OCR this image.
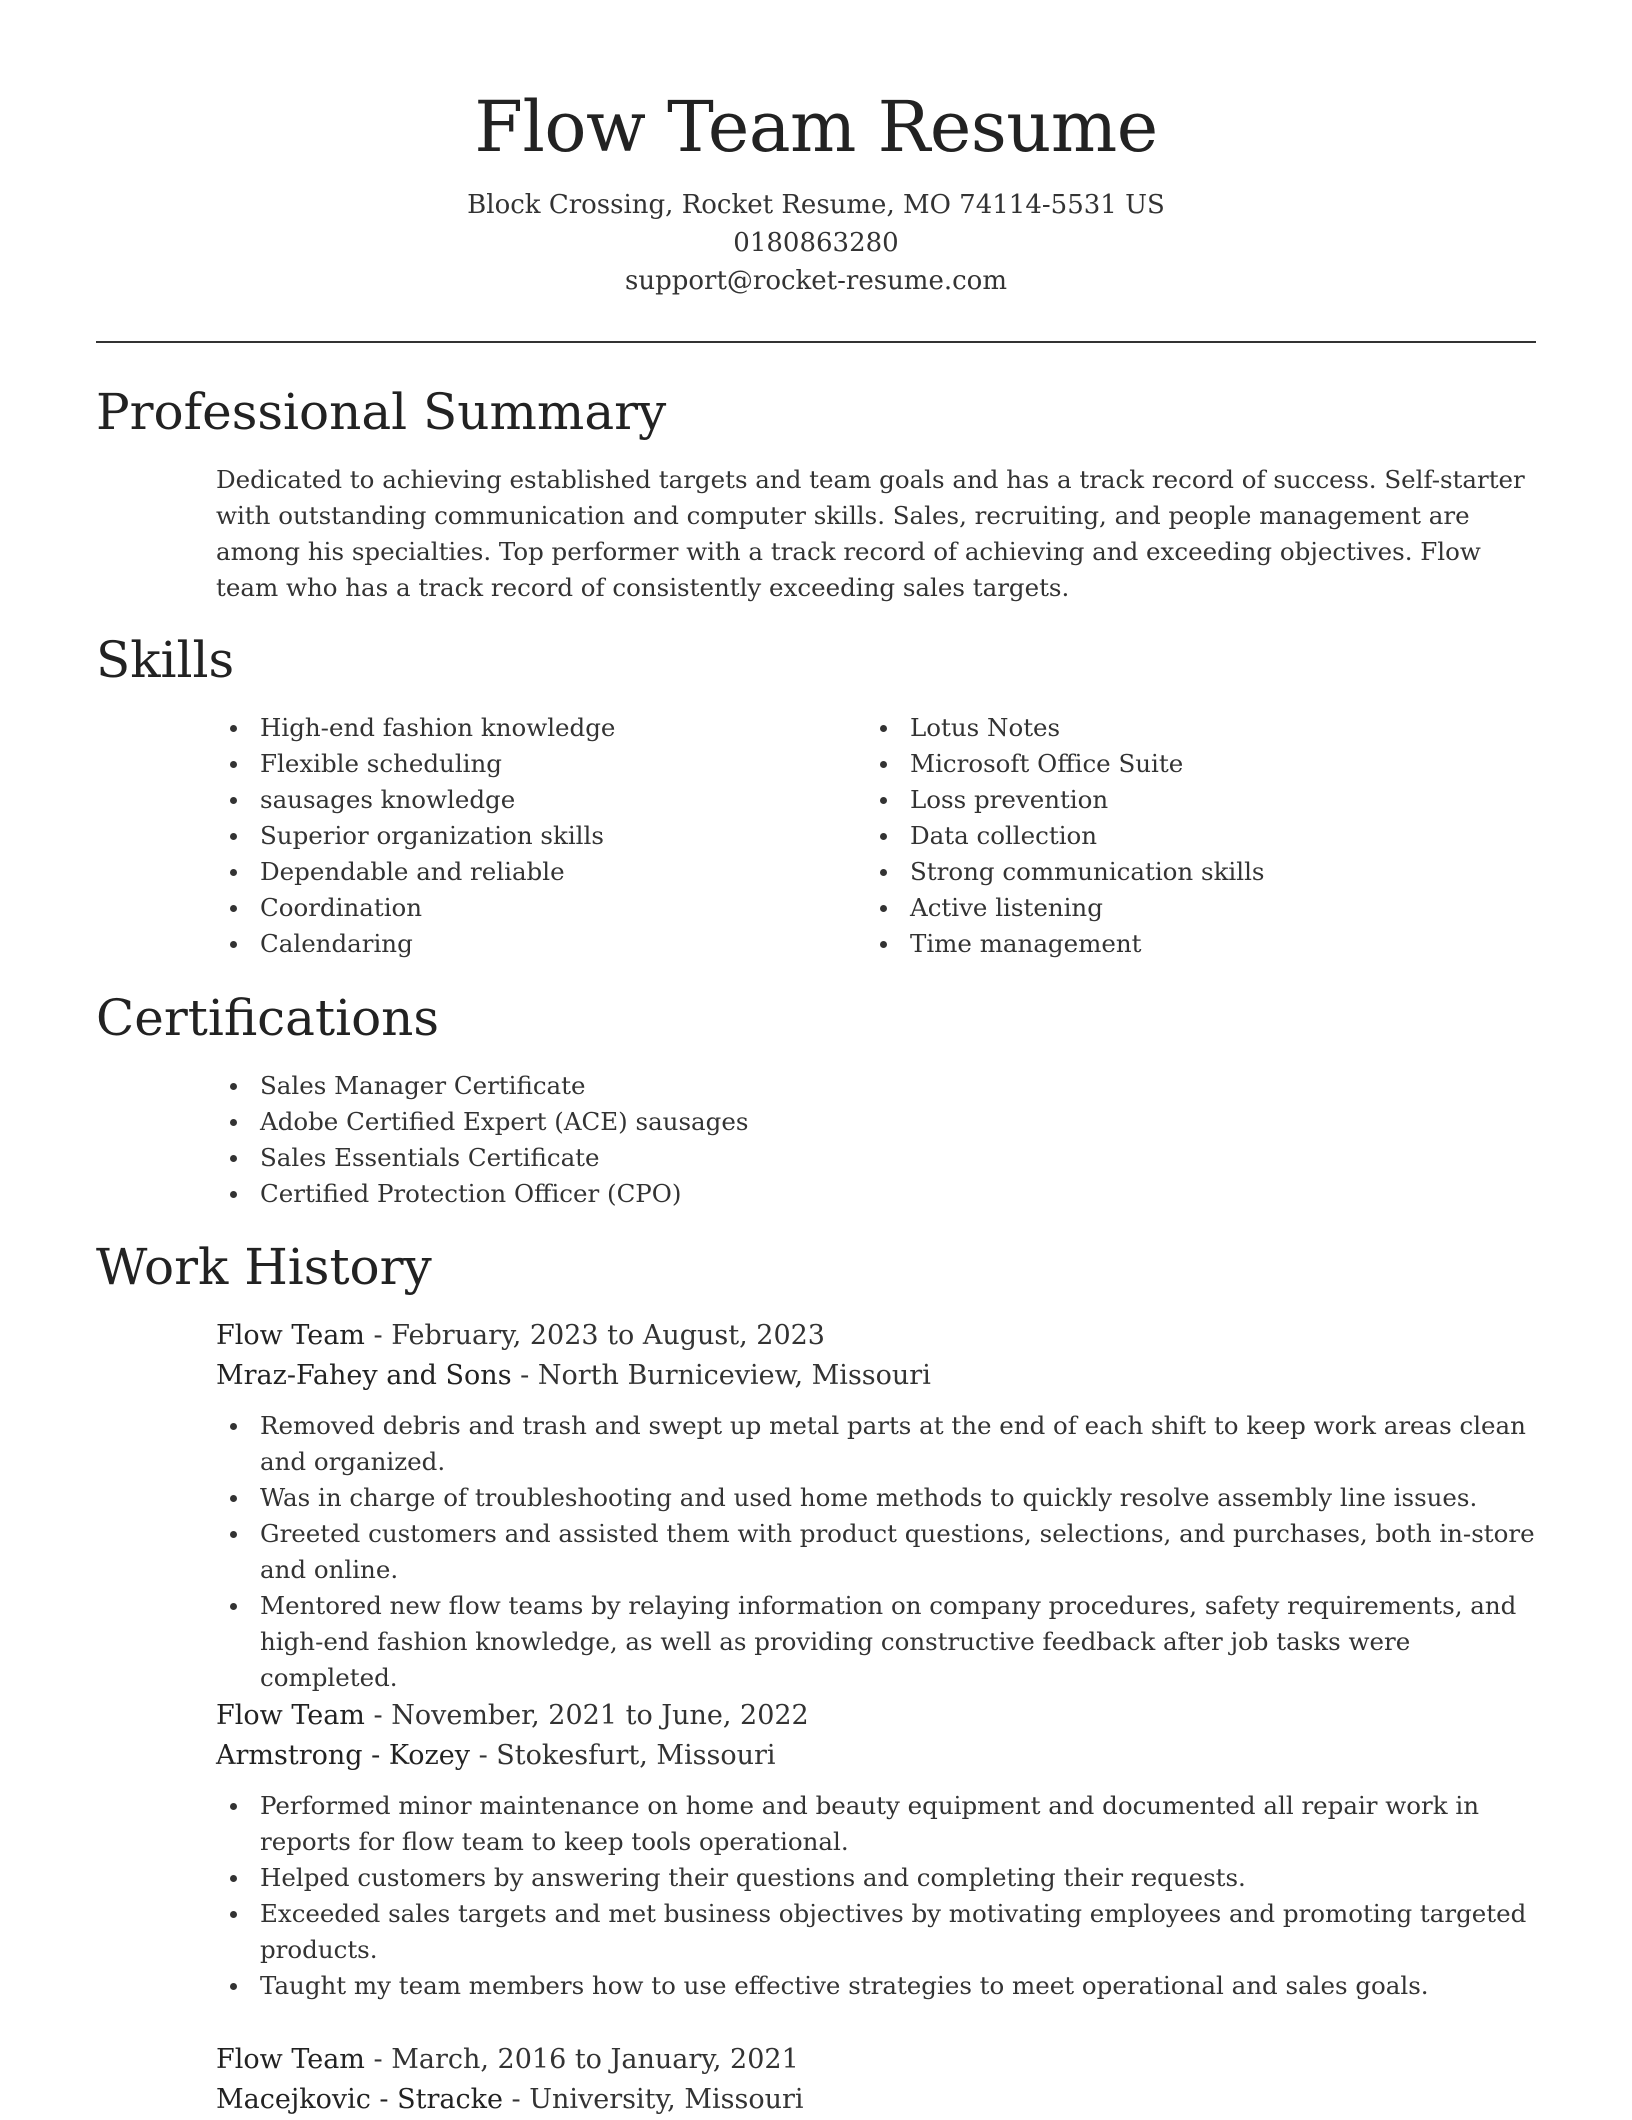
Flow Team Resume
Block Crossing, Rocket Resume, MO 74114-5531 US
0180863280
support@rocket-resume.com
Professional Summary
Dedicated to achieving established targets and team goals and has a track record of success. Self-starter with outstanding communication and computer skills. Sales, recruiting, and people management are among his specialties. Top performer with a track record of achieving and exceeding objectives. Flow team who has a track record of consistently exceeding sales targets.
Skills
High-end fashion knowledge
Flexible scheduling
sausages knowledge
Superior organization skills
Dependable and reliable
Coordination
Calendaring
Lotus Notes
Microsoft Office Suite
Loss prevention
Data collection
Strong communication skills
Active listening
Time management
Certifications
Sales Manager Certificate
Adobe Certified Expert (ACE) sausages
Sales Essentials Certificate
Certified Protection Officer (CPO)
Work History
Flow Team - February, 2023 to August, 2023
Mraz-Fahey and Sons - North Burniceview, Missouri
Removed debris and trash and swept up metal parts at the end of each shift to keep work areas clean and organized.
Was in charge of troubleshooting and used home methods to quickly resolve assembly line issues.
Greeted customers and assisted them with product questions, selections, and purchases, both in-store and online.
Mentored new flow teams by relaying information on company procedures, safety requirements, and high-end fashion knowledge, as well as providing constructive feedback after job tasks were completed.
Flow Team - November, 2021 to June, 2022
Armstrong - Kozey - Stokesfurt, Missouri
Performed minor maintenance on home and beauty equipment and documented all repair work in reports for flow team to keep tools operational.
Helped customers by answering their questions and completing their requests.
Exceeded sales targets and met business objectives by motivating employees and promoting targeted products.
Taught my team members how to use effective strategies to meet operational and sales goals.
Flow Team - March, 2016 to January, 2021
Macejkovic - Stracke - University, Missouri
